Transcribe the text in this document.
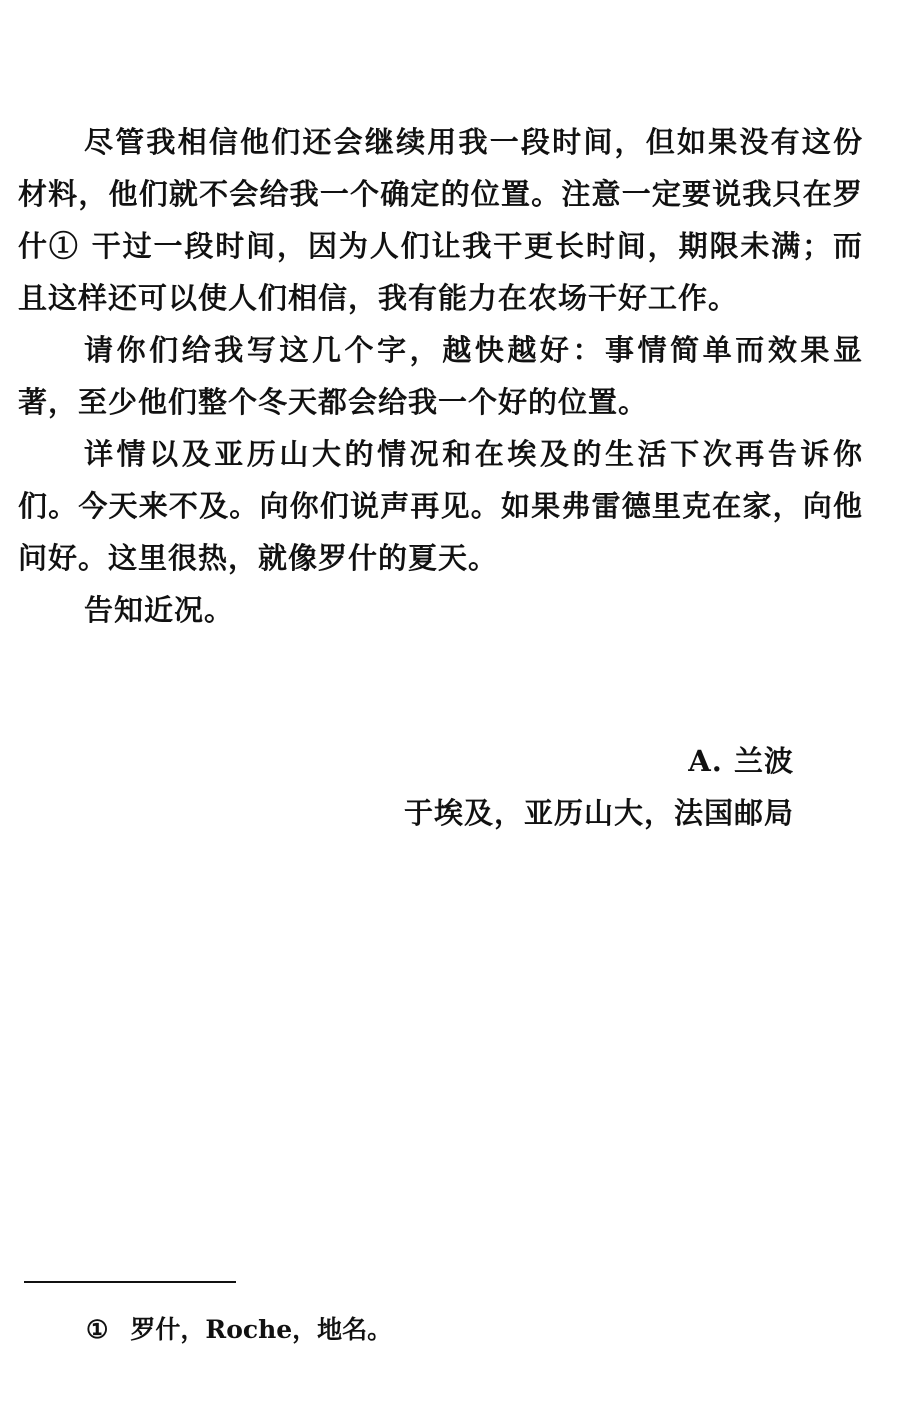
尽管我相信他们还会继续用我一段时间，但如果没有这份材料，他们就不会给我一个确定的位置。注意一定要说我只在罗什① 干过一段时间，因为人们让我干更长时间，期限未满；而且这样还可以使人们相信，我有能力在农场干好工作。

请你们给我写这几个字，越快越好：事情简单而效果显著，至少他们整个冬天都会给我一个好的位置。

详情以及亚历山大的情况和在埃及的生活下次再告诉你们。今天来不及。向你们说声再见。如果弗雷德里克在家，向他问好。这里很热，就像罗什的夏天。

告知近况。

A. 兰波
于埃及，亚历山大，法国邮局
① 罗什，Roche，地名。
